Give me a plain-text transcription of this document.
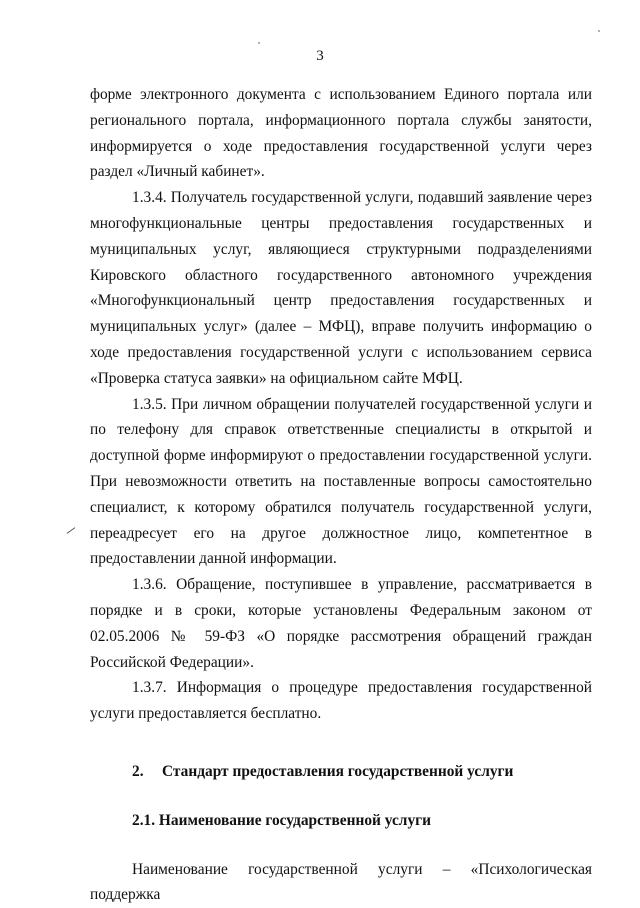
3

форме электронного документа с использованием Единого портала или регионального портала, информационного портала службы занятости, информируется о ходе предоставления государственной услуги через раздел «Личный кабинет».

1.3.4. Получатель государственной услуги, подавший заявление через многофункциональные центры предоставления государственных и муниципальных услуг, являющиеся структурными подразделениями Кировского областного государственного автономного учреждения «Многофункциональный центр предоставления государственных и муниципальных услуг» (далее – МФЦ), вправе получить информацию о ходе предоставления государственной услуги с использованием сервиса «Проверка статуса заявки» на официальном сайте МФЦ.

1.3.5. При личном обращении получателей государственной услуги и по телефону для справок ответственные специалисты в открытой и доступной форме информируют о предоставлении государственной услуги. При невозможности ответить на поставленные вопросы самостоятельно специалист, к которому обратился получатель государственной услуги, переадресует его на другое должностное лицо, компетентное в предоставлении данной информации.

1.3.6. Обращение, поступившее в управление, рассматривается в порядке и в сроки, которые установлены Федеральным законом от 02.05.2006 № 59-ФЗ «О порядке рассмотрения обращений граждан Российской Федерации».

1.3.7. Информация о процедуре предоставления государственной услуги предоставляется бесплатно.

2. Стандарт предоставления государственной услуги
2.1. Наименование государственной услуги

Наименование государственной услуги – «Психологическая поддержка
